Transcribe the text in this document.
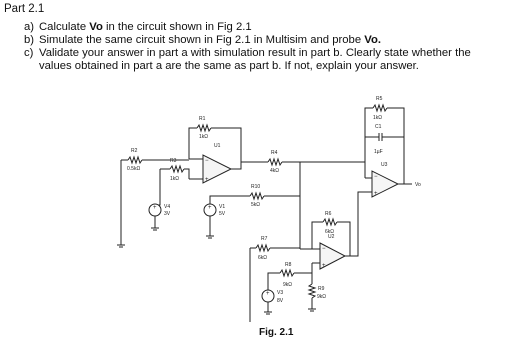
Part 2.1
a) Calculate Vo in the circuit shown in Fig 2.1
b) Simulate the same circuit shown in Fig 2.1 in Multisim and probe Vo.
c) Validate your answer in part a with simulation result in part b. Clearly state whether the
values obtained in part a are the same as part b. If not, explain your answer.
−
+
U1
R1
1kΩ
R2
0.5kΩ
R3
1kΩ
+ V4
3V
+ V1
5V
R10
5kΩ
R4
4kΩ
−
+
U3
Vo
R5
1kΩ
C1
1µF
−
+
U2
R6
6kΩ
R7
6kΩ
R8
9kΩ
R9
9kΩ
+ V3
8V
Fig. 2.1
